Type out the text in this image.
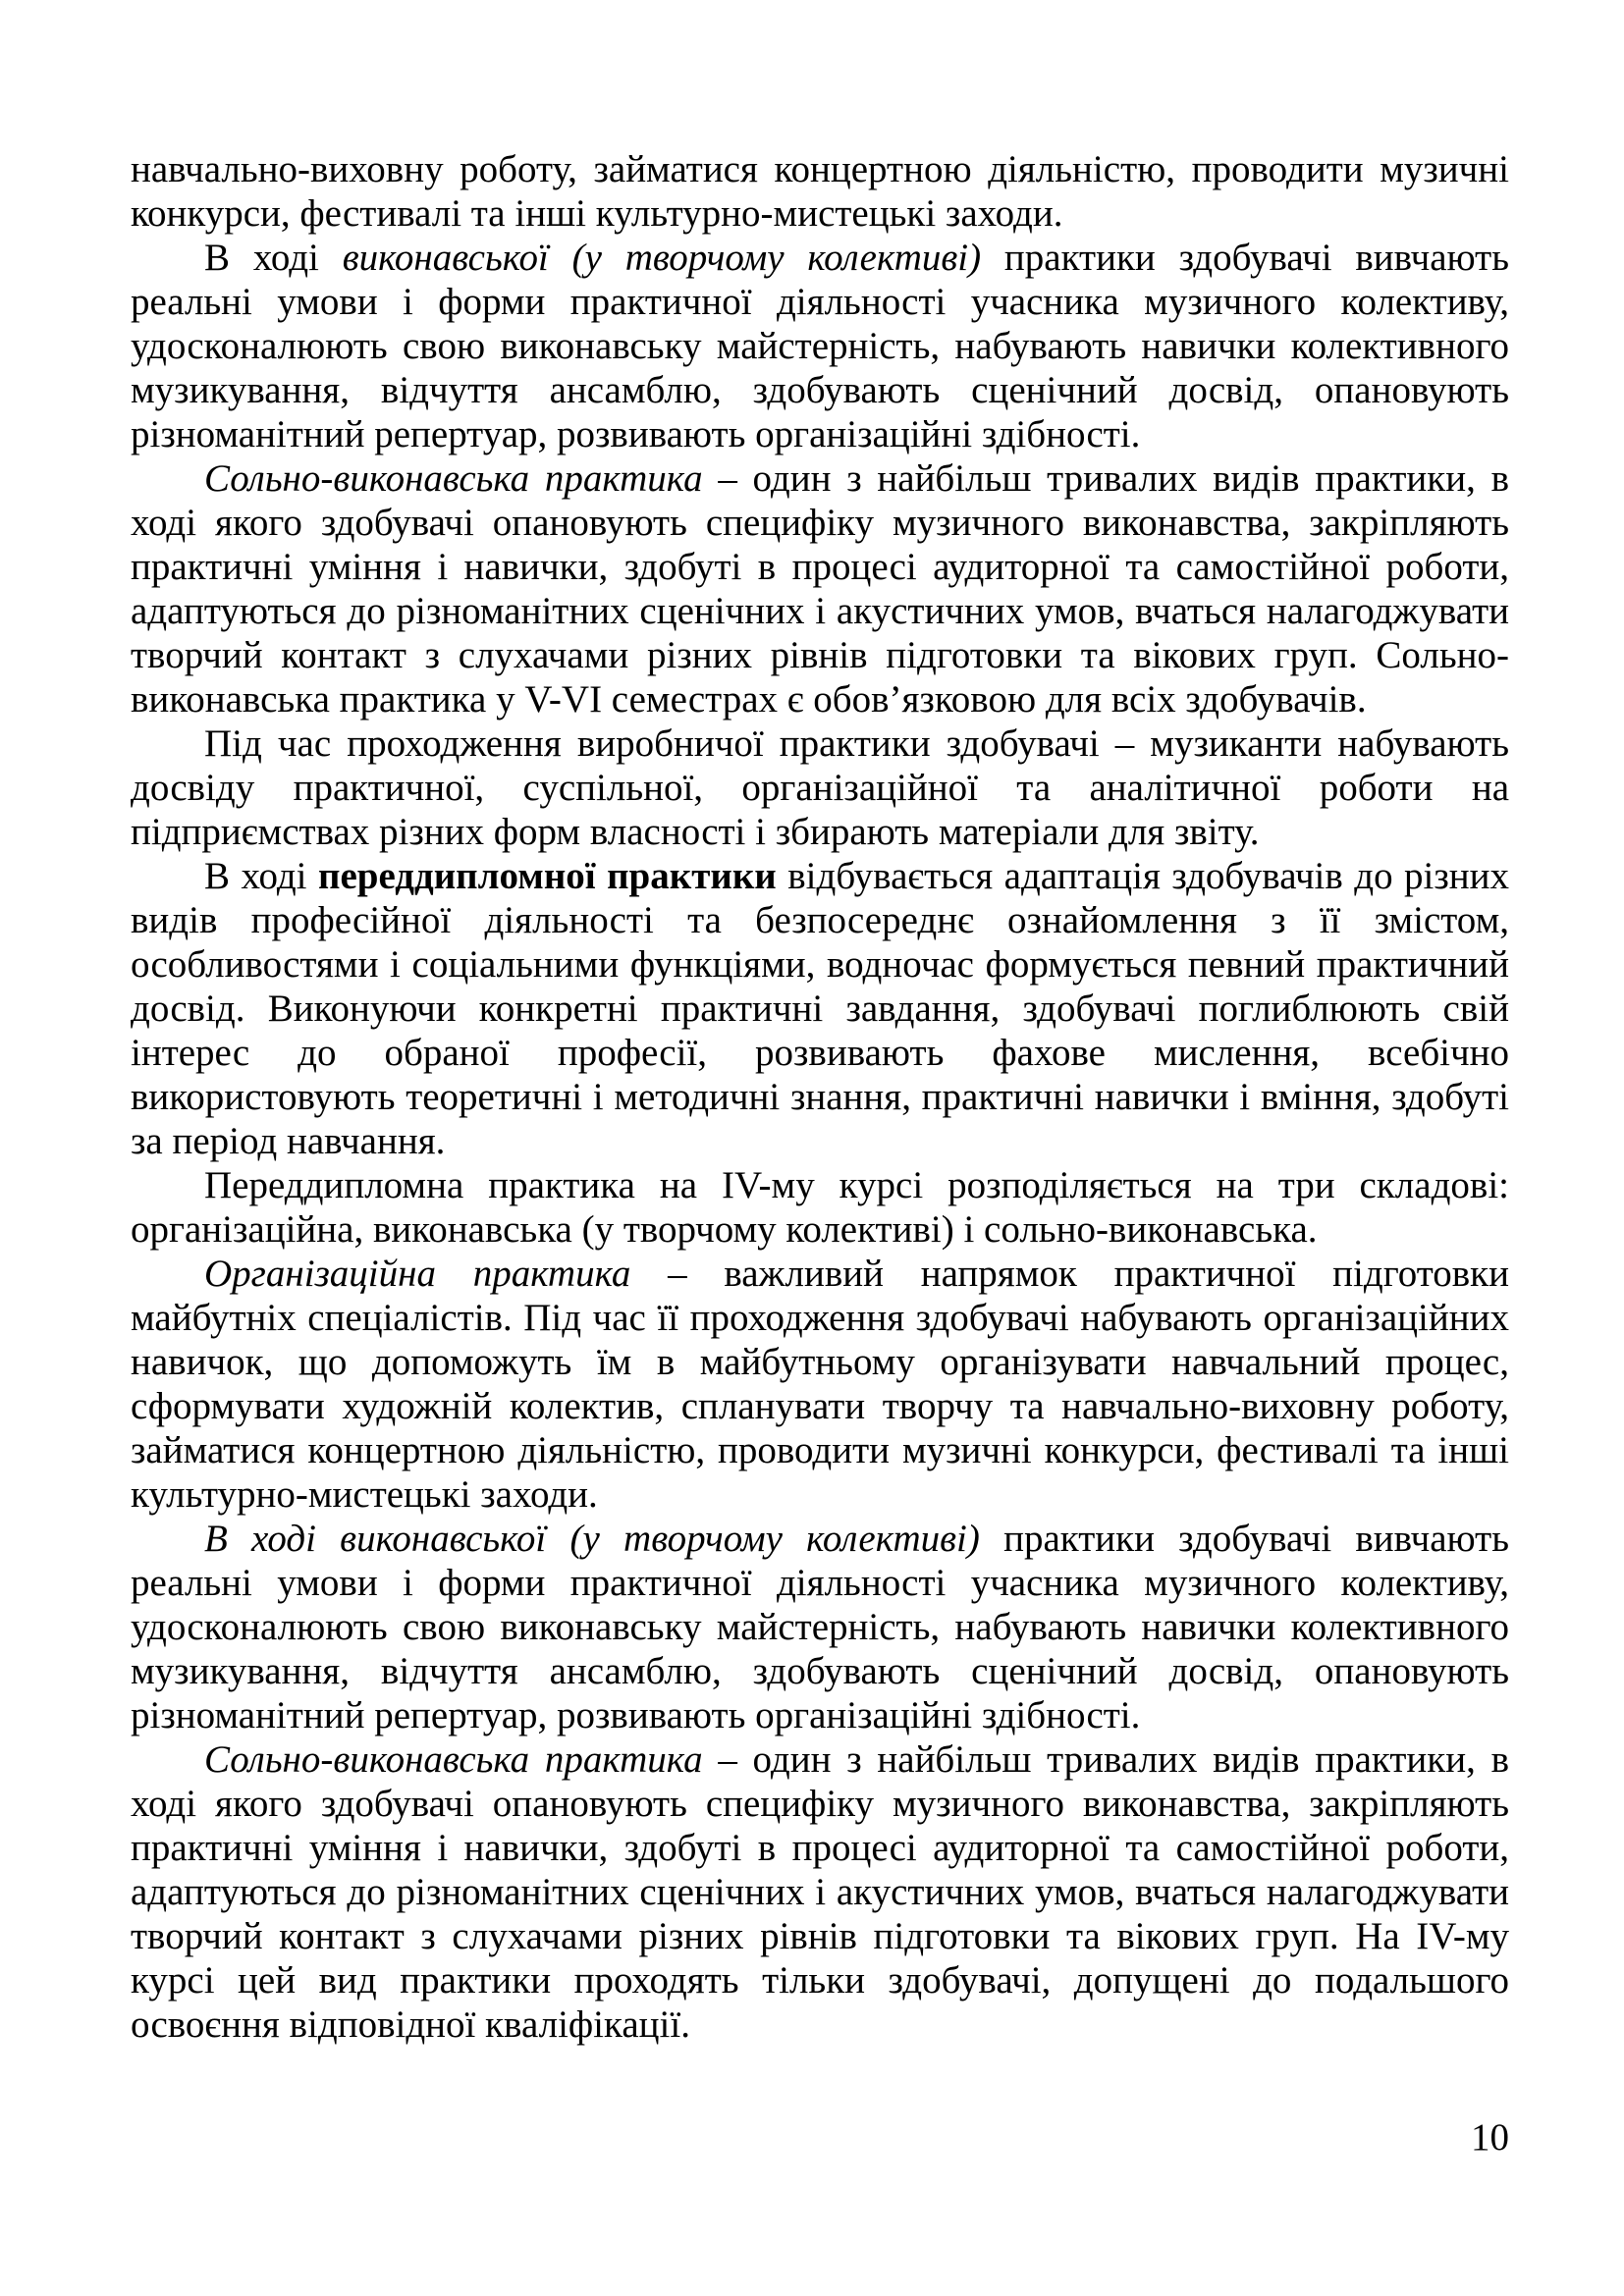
навчально-виховну роботу, займатися концертною діяльністю, проводити музичні конкурси, фестивалі та інші культурно-мистецькі заходи.

В ході виконавської (у творчому колективі) практики здобувачі вивчають реальні умови і форми практичної діяльності учасника музичного колективу, удосконалюють свою виконавську майстерність, набувають навички колективного музикування, відчуття ансамблю, здобувають сценічний досвід, опановують різноманітний репертуар, розвивають організаційні здібності.

Сольно-виконавська практика – один з найбільш тривалих видів практики, в ході якого здобувачі опановують специфіку музичного виконавства, закріпляють практичні уміння і навички, здобуті в процесі аудиторної та самостійної роботи, адаптуються до різноманітних сценічних і акустичних умов, вчаться налагоджувати творчий контакт з слухачами різних рівнів підготовки та вікових груп. Сольно-виконавська практика у V-VI семестрах є обов’язковою для всіх здобувачів.

Під час проходження виробничої практики здобувачі – музиканти набувають досвіду практичної, суспільної, організаційної та аналітичної роботи на підприємствах різних форм власності і збирають матеріали для звіту.

В ході переддипломної практики відбувається адаптація здобувачів до різних видів професійної діяльності та безпосереднє ознайомлення з її змістом, особливостями і соціальними функціями, водночас формується певний практичний досвід. Виконуючи конкретні практичні завдання, здобувачі поглиблюють свій інтерес до обраної професії, розвивають фахове мислення, всебічно використовують теоретичні і методичні знання, практичні навички і вміння, здобуті за період навчання.

Переддипломна практика на IV-му курсі розподіляється на три складові: організаційна, виконавська (у творчому колективі) і сольно-виконавська.

Організаційна практика – важливий напрямок практичної підготовки майбутніх спеціалістів. Під час її проходження здобувачі набувають організаційних навичок, що допоможуть їм в майбутньому організувати навчальний процес, сформувати художній колектив, спланувати творчу та навчально-виховну роботу, займатися концертною діяльністю, проводити музичні конкурси, фестивалі та інші культурно-мистецькі заходи.

В ході виконавської (у творчому колективі) практики здобувачі вивчають реальні умови і форми практичної діяльності учасника музичного колективу, удосконалюють свою виконавську майстерність, набувають навички колективного музикування, відчуття ансамблю, здобувають сценічний досвід, опановують різноманітний репертуар, розвивають організаційні здібності.

Сольно-виконавська практика – один з найбільш тривалих видів практики, в ході якого здобувачі опановують специфіку музичного виконавства, закріпляють практичні уміння і навички, здобуті в процесі аудиторної та самостійної роботи, адаптуються до різноманітних сценічних і акустичних умов, вчаться налагоджувати творчий контакт з слухачами різних рівнів підготовки та вікових груп. На IV-му курсі цей вид практики проходять тільки здобувачі, допущені до подальшого освоєння відповідної кваліфікації.

10
